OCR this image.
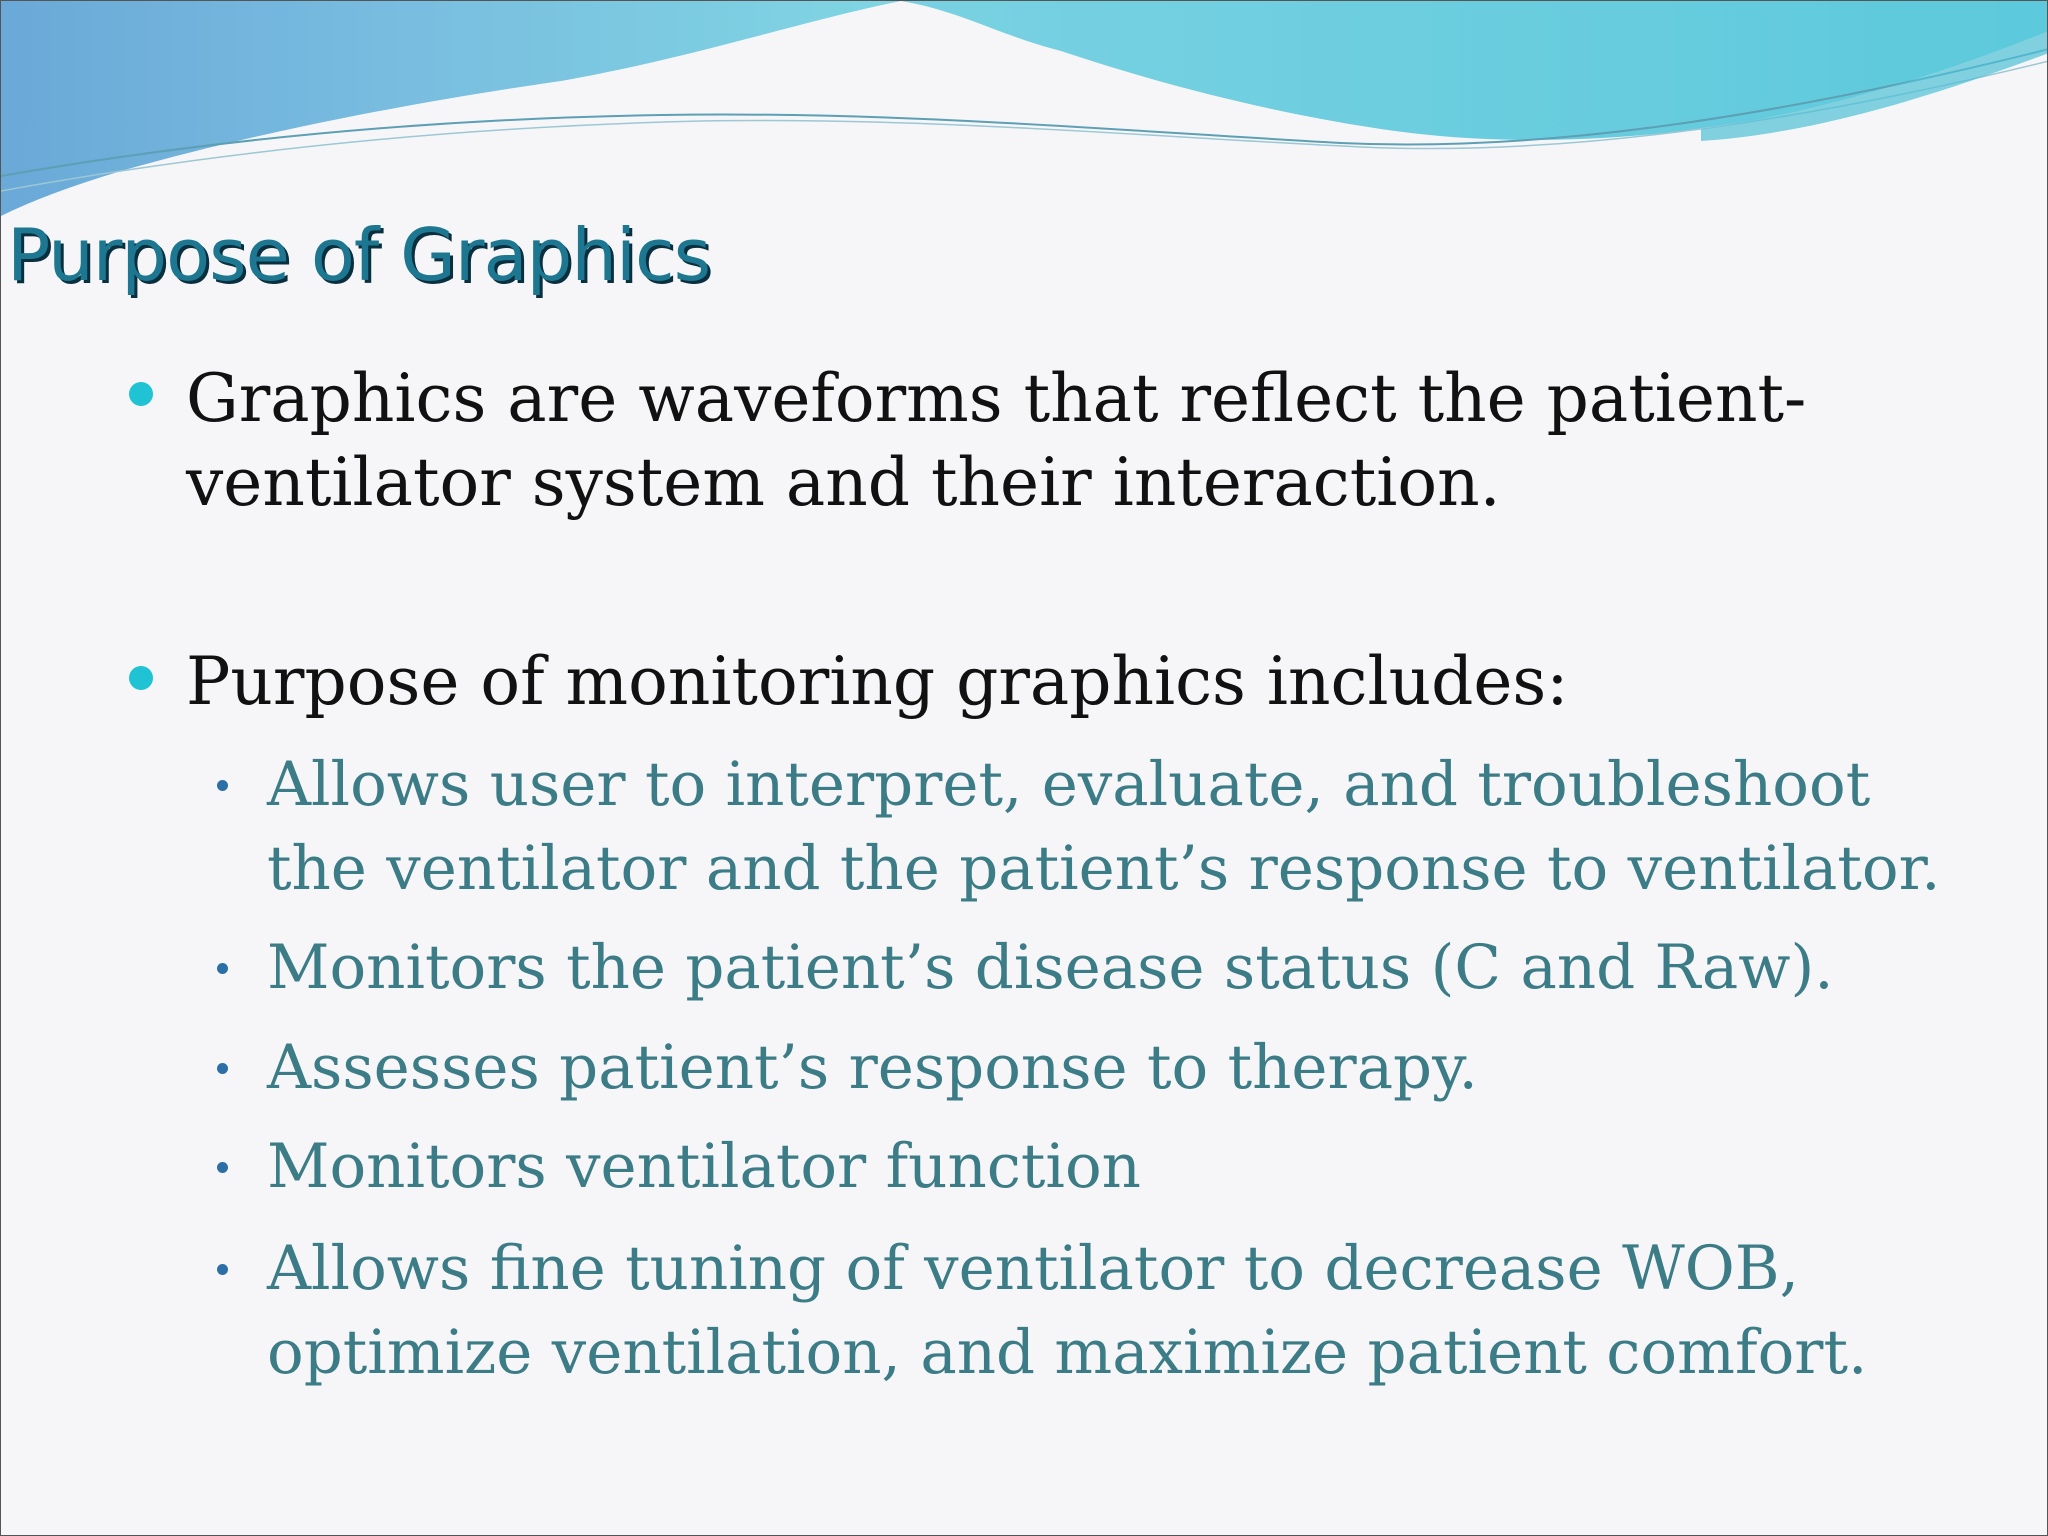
Purpose of Graphics
Graphics are waveforms that reflect the patient-
ventilator system and their interaction.
Purpose of monitoring graphics includes:
Allows user to interpret, evaluate, and troubleshoot
the ventilator and the patient’s response to ventilator.
Monitors the patient’s disease status (C and Raw).
Assesses patient’s response to therapy.
Monitors ventilator function
Allows fine tuning of ventilator to decrease WOB,
optimize ventilation, and maximize patient comfort.
